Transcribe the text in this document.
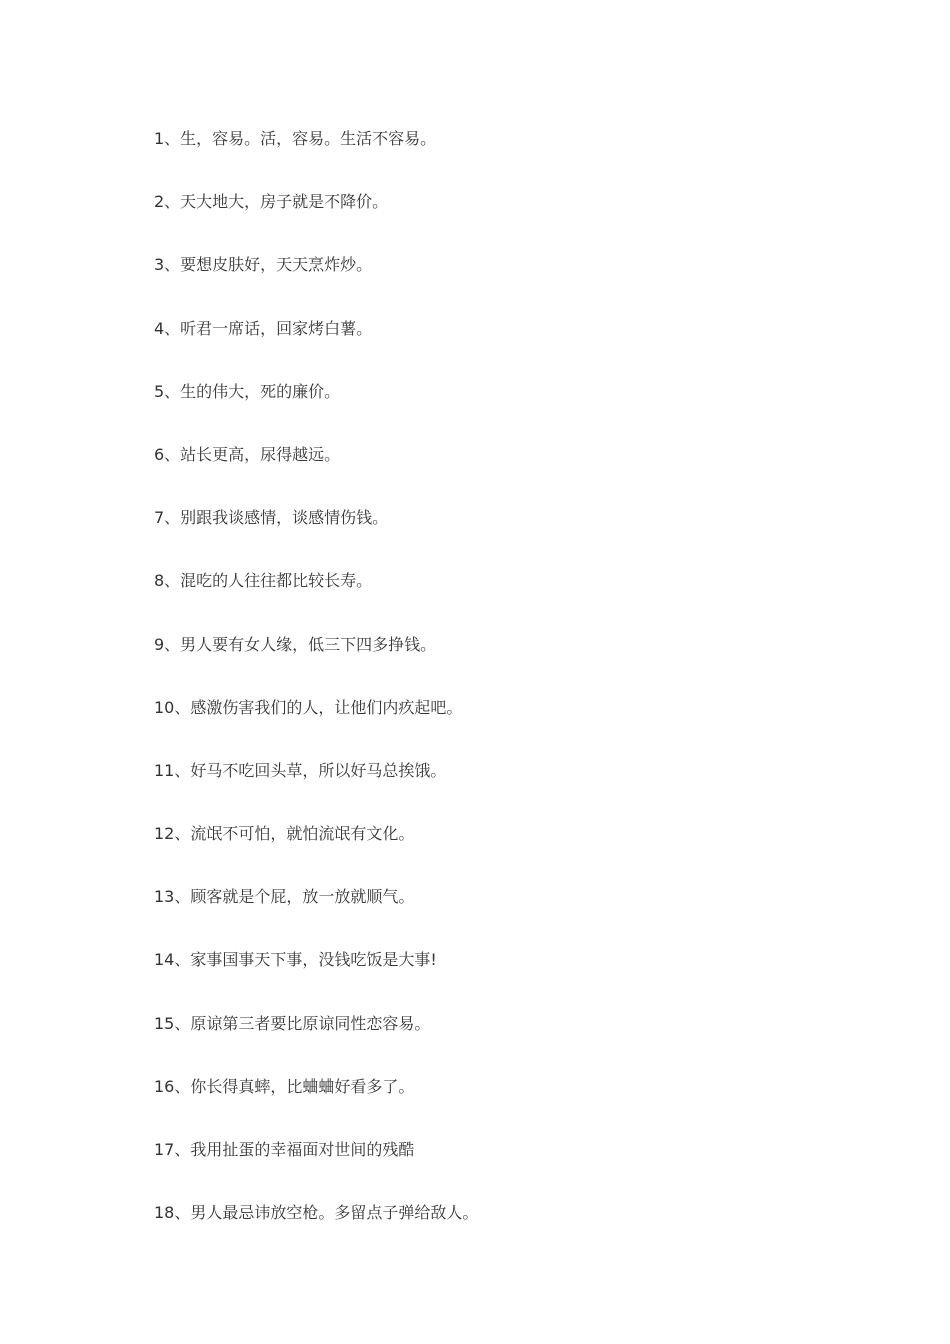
1、生，容易。活，容易。生活不容易。
2、天大地大，房子就是不降价。
3、要想皮肤好，天天烹炸炒。
4、听君一席话，回家烤白薯。
5、生的伟大，死的廉价。
6、站长更高，尿得越远。
7、别跟我谈感情，谈感情伤钱。
8、混吃的人往往都比较长寿。
9、男人要有女人缘，低三下四多挣钱。
10、感激伤害我们的人，让他们内疚起吧。
11、好马不吃回头草，所以好马总挨饿。
12、流氓不可怕，就怕流氓有文化。
13、顾客就是个屁，放一放就顺气。
14、家事国事天下事，没钱吃饭是大事!
15、原谅第三者要比原谅同性恋容易。
16、你长得真蟀，比蛐蛐好看多了。
17、我用扯蛋的幸福面对世间的残酷
18、男人最忌讳放空枪。多留点子弹给敌人。
